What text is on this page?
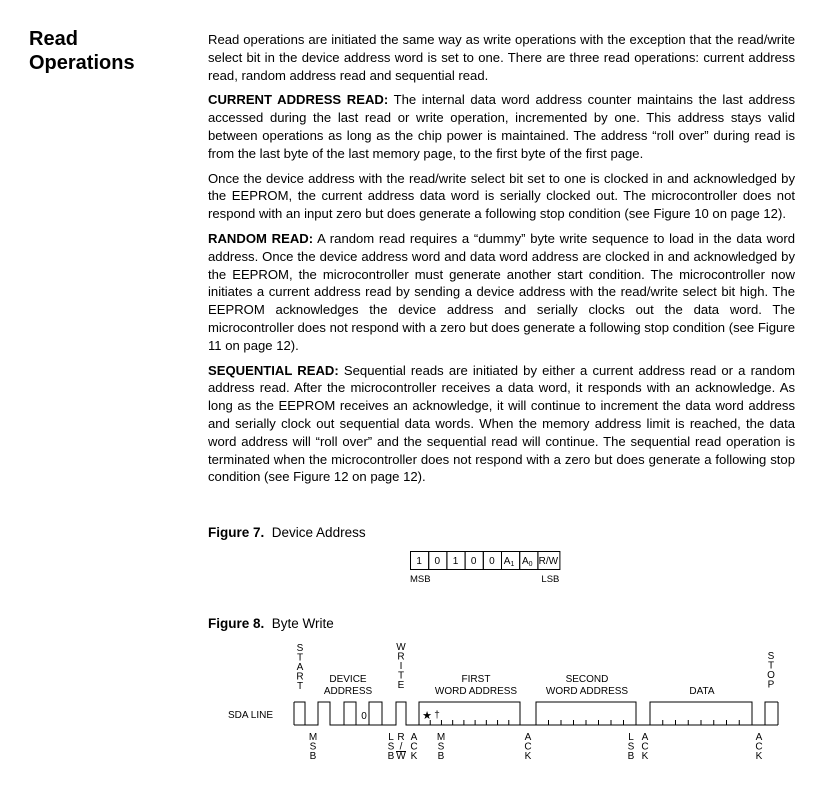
Read Operations

Read operations are initiated the same way as write operations with the exception that the read/write select bit in the device address word is set to one. There are three read operations: current address read, random address read and sequential read.

CURRENT ADDRESS READ: The internal data word address counter maintains the last address accessed during the last read or write operation, incremented by one. This address stays valid between operations as long as the chip power is maintained. The address “roll over” during read is from the last byte of the last memory page, to the first byte of the first page.

Once the device address with the read/write select bit set to one is clocked in and acknowledged by the EEPROM, the current address data word is serially clocked out. The microcontroller does not respond with an input zero but does generate a following stop condition (see Figure 10 on page 12).

RANDOM READ: A random read requires a “dummy” byte write sequence to load in the data word address. Once the device address word and data word address are clocked in and acknowledged by the EEPROM, the microcontroller must generate another start condition. The microcontroller now initiates a current address read by sending a device address with the read/write select bit high. The EEPROM acknowledges the device address and serially clocks out the data word. The microcontroller does not respond with a zero but does generate a following stop condition (see Figure 11 on page 12).

SEQUENTIAL READ: Sequential reads are initiated by either a current address read or a random address read. After the microcontroller receives a data word, it responds with an acknowledge. As long as the EEPROM receives an acknowledge, it will continue to increment the data word address and serially clock out sequential data words. When the memory address limit is reached, the data word address will “roll over” and the sequential read will continue. The sequential read operation is terminated when the microcontroller does not respond with a zero but does generate a following stop condition (see Figure 12 on page 12).

Figure 7. Device Address
Figure 8. Byte Write
1 0 1 0 0 $A_1$ $A_0$ R/W
MSB	LSB
SDA LINE	0	★ †
S
T
A
R
T
W
R
I
T
E
S
T
O
P
DEVICE
ADDRESS
FIRST
WORD ADDRESS
SECOND
WORD ADDRESS	DATA
M
S
B
L
S
B
R
/
W
A
C
K
M
S
B
A
C
K
L
S
B
A
C
K
A
C
K
